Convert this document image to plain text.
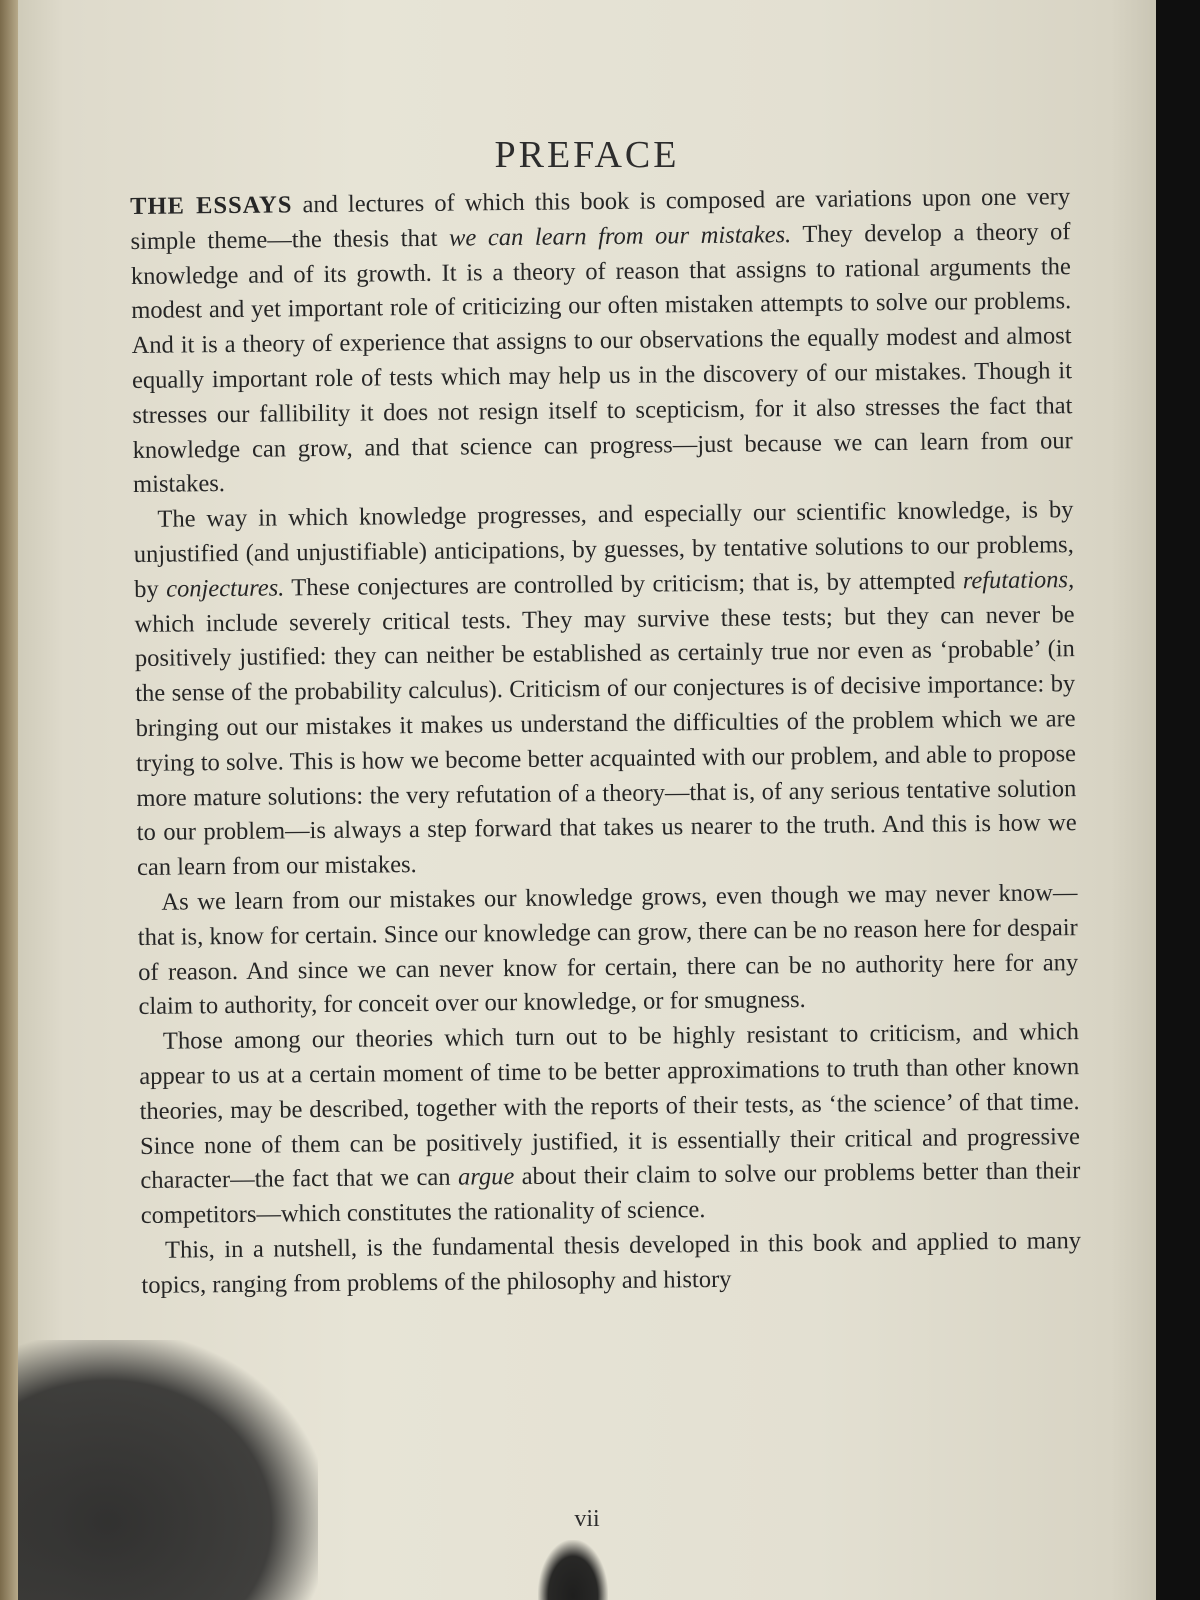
PREFACE

THE ESSAYS and lectures of which this book is composed are variations upon one very simple theme—the thesis that we can learn from our mistakes. They develop a theory of knowledge and of its growth. It is a theory of reason that assigns to rational arguments the modest and yet important role of criticizing our often mistaken attempts to solve our problems. And it is a theory of experience that assigns to our observations the equally modest and almost equally important role of tests which may help us in the discovery of our mistakes. Though it stresses our fallibility it does not resign itself to scepticism, for it also stresses the fact that knowledge can grow, and that science can progress—just because we can learn from our mistakes.

The way in which knowledge progresses, and especially our scientific knowledge, is by unjustified (and unjustifiable) anticipations, by guesses, by tentative solutions to our problems, by conjectures. These conjectures are controlled by criticism; that is, by attempted refutations, which include severely critical tests. They may survive these tests; but they can never be positively justified: they can neither be established as certainly true nor even as ‘probable’ (in the sense of the probability calculus). Criticism of our conjectures is of decisive importance: by bringing out our mistakes it makes us understand the difficulties of the problem which we are trying to solve. This is how we become better acquainted with our problem, and able to propose more mature solutions: the very refutation of a theory—that is, of any serious tentative solution to our problem—is always a step forward that takes us nearer to the truth. And this is how we can learn from our mistakes.

As we learn from our mistakes our knowledge grows, even though we may never know—that is, know for certain. Since our knowledge can grow, there can be no reason here for despair of reason. And since we can never know for certain, there can be no authority here for any claim to authority, for conceit over our knowledge, or for smugness.

Those among our theories which turn out to be highly resistant to criticism, and which appear to us at a certain moment of time to be better approximations to truth than other known theories, may be described, together with the reports of their tests, as ‘the science’ of that time. Since none of them can be positively justified, it is essentially their critical and progressive character—the fact that we can argue about their claim to solve our problems better than their competitors—which constitutes the rationality of science.

This, in a nutshell, is the fundamental thesis developed in this book and applied to many topics, ranging from problems of the philosophy and history

vii
